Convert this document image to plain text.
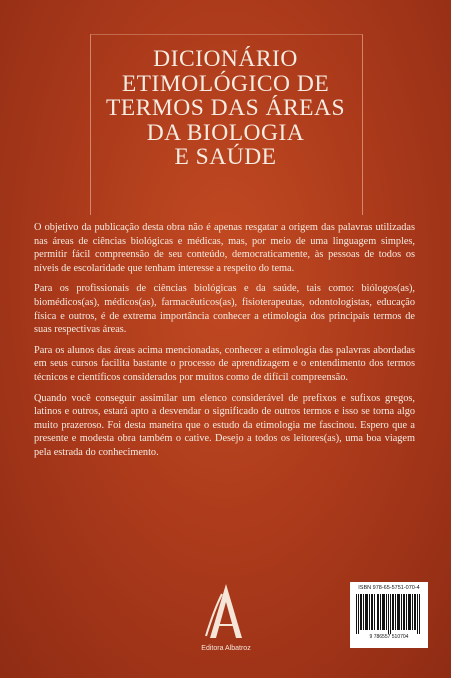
DICIONÁRIO
ETIMOLÓGICO DE
TERMOS DAS ÁREAS
DA BIOLOGIA
E SAÚDE

O objetivo da publicação desta obra não é apenas resgatar a origem das palavras utilizadas nas áreas de ciências biológicas e médicas, mas, por meio de uma linguagem simples, permitir fácil compreensão de seu conteúdo, democraticamente, às pessoas de todos os níveis de escolaridade que tenham interesse a respeito do tema.

Para os profissionais de ciências biológicas e da saúde, tais como: biólogos(as), biomédicos(as), médicos(as), farmacêuticos(as), fisioterapeutas, odontologistas, educação física e outros, é de extrema importância conhecer a etimologia dos principais termos de suas respectivas áreas.

Para os alunos das áreas acima mencionadas, conhecer a etimologia das palavras abordadas em seus cursos facilita bastante o processo de aprendizagem e o entendimento dos termos técnicos e científicos considerados por muitos como de difícil compreensão.

Quando você conseguir assimilar um elenco considerável de prefixos e sufixos gregos, latinos e outros, estará apto a desvendar o significado de outros termos e isso se torna algo muito prazeroso. Foi desta maneira que o estudo da etimologia me fascinou. Espero que a presente e modesta obra também o cative. Desejo a todos os leitores(as), uma boa viagem pela estrada do conhecimento.

Editora Albatroz
ISBN 978-65-5751-070-4
9 786557 510704
